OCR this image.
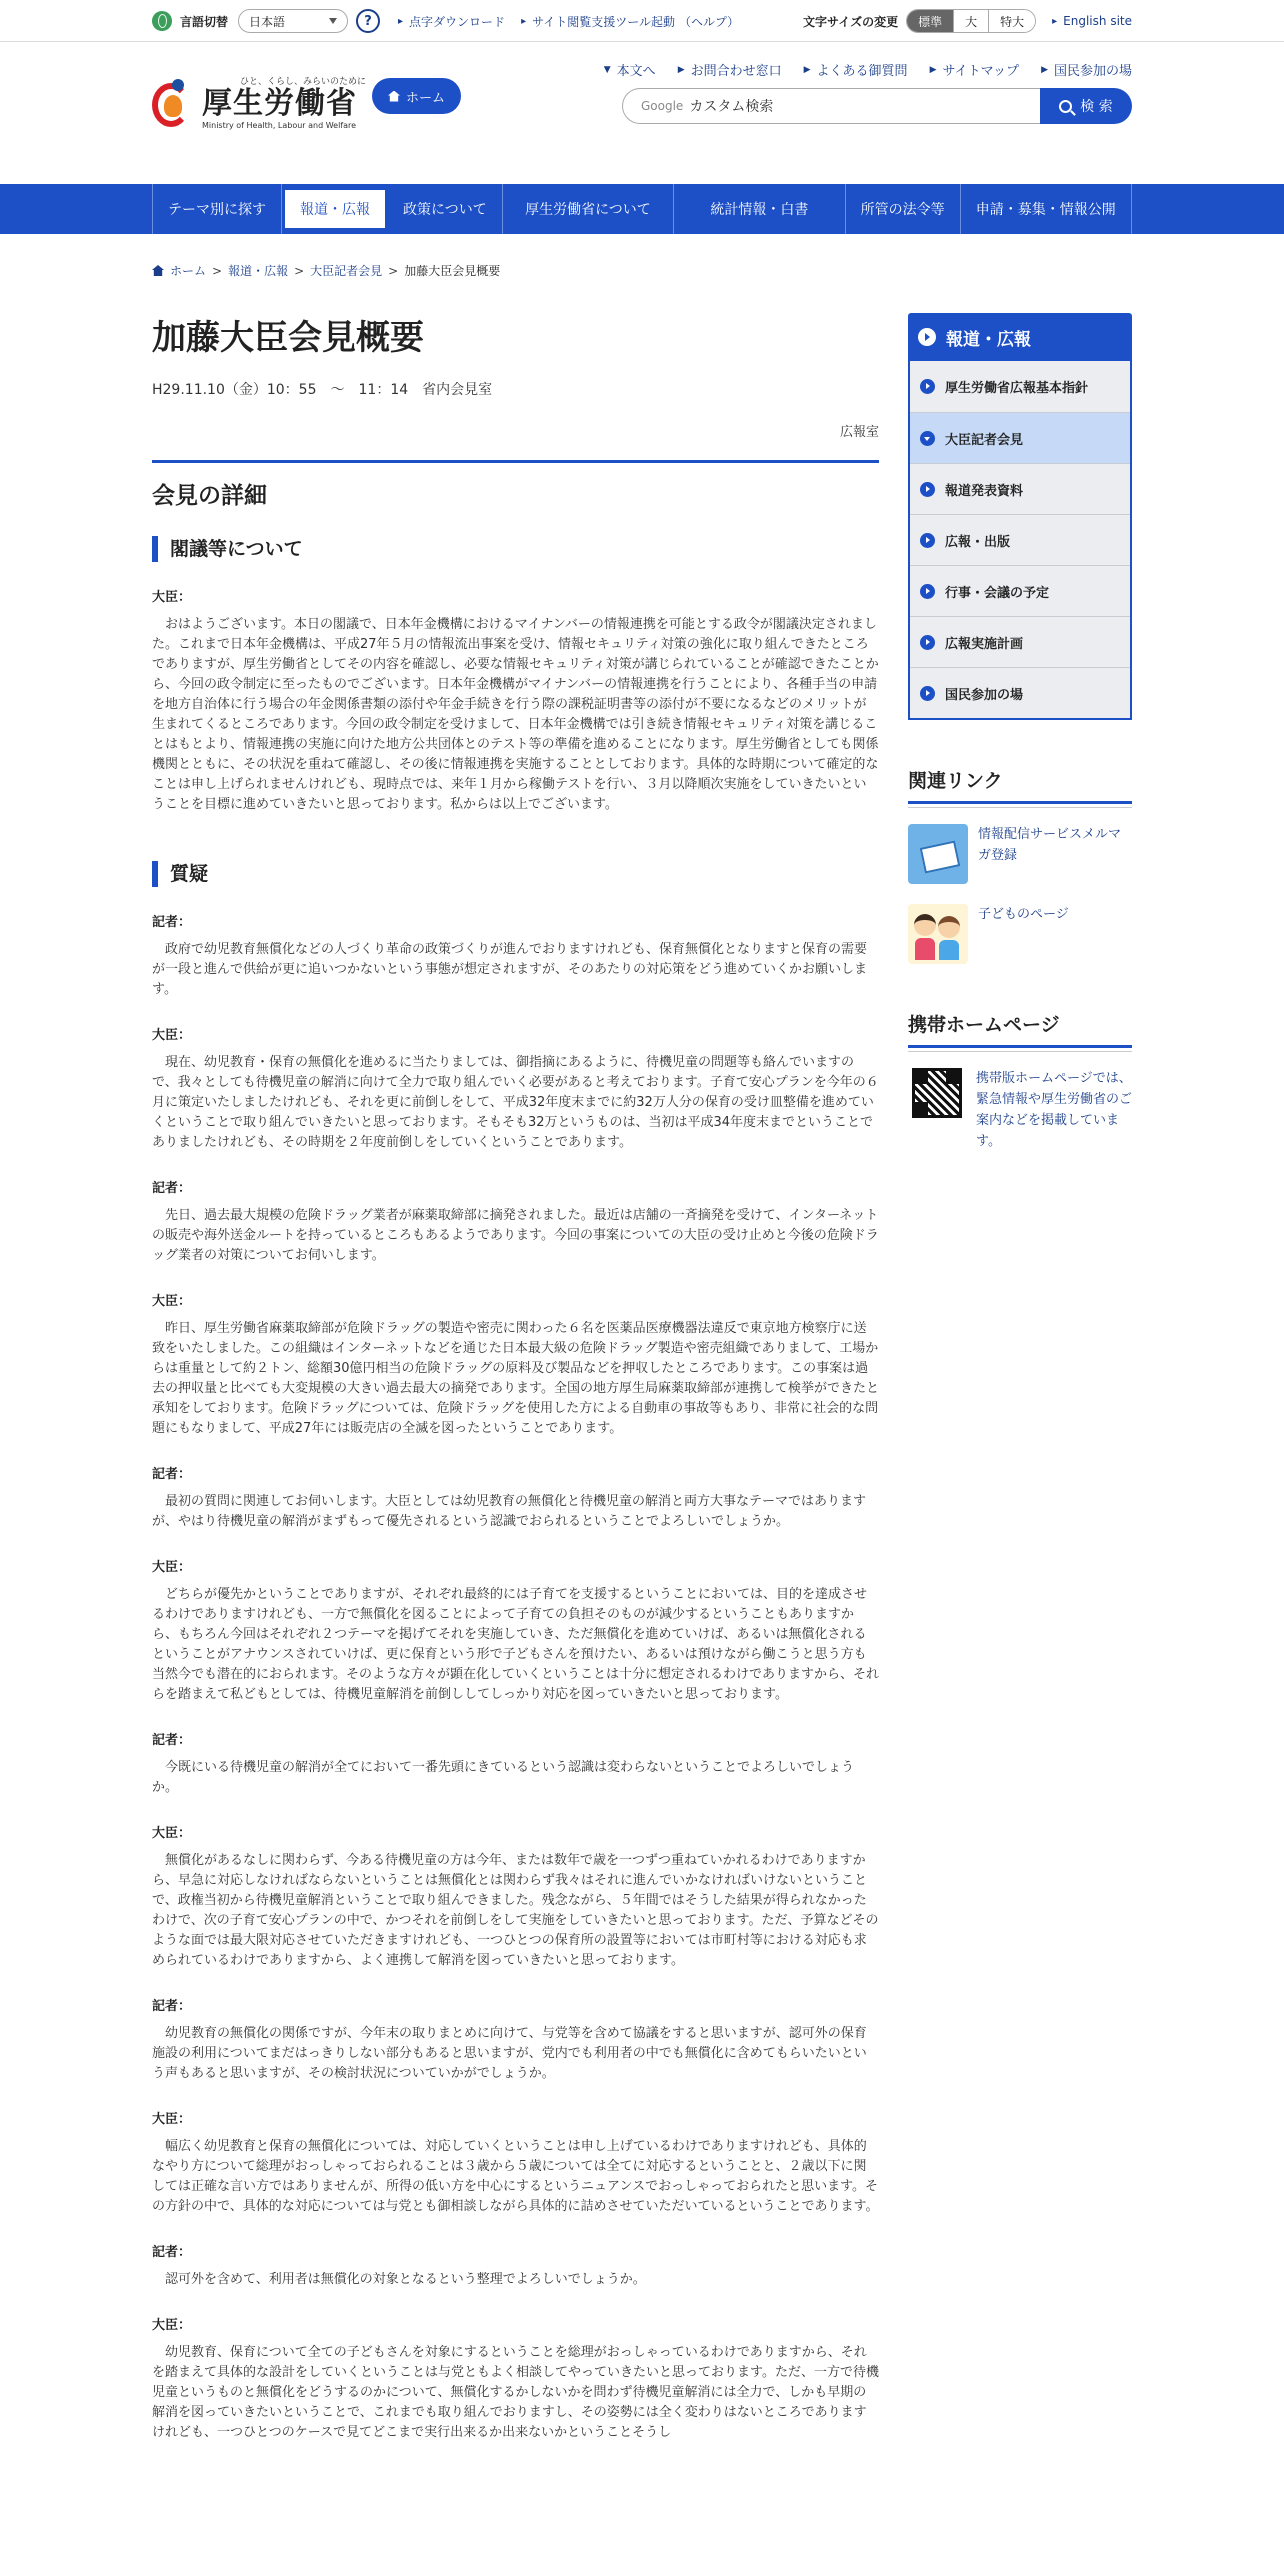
言語切替 日本語	?	▸ 点字ダウンロード ▸ サイト閲覧支援ツール起動 （ヘルプ）	文字サイズの変更	標準	大	特大	▸ English site
ひと、くらし、みらいのために
厚生労働省
Ministry of Health, Labour and Welfare
ホーム
▼ 本文へ ▶ お問合わせ窓口 ▶ よくある御質問 ▶ サイトマップ ▶ 国民参加の場
Google カスタム検索	検 索
テーマ別に探す	報道・広報	政策について	厚生労働省について	統計情報・白書	所管の法令等	申請・募集・情報公開
ホーム > 報道・広報 > 大臣記者会見 > 加藤大臣会見概要
加藤大臣会見概要
H29.11.10（金）10：55　～　11：14　省内会見室
広報室
会見の詳細
閣議等について
大臣：

おはようございます。本日の閣議で、日本年金機構におけるマイナンバーの情報連携を可能とする政令が閣議決定されました。これまで日本年金機構は、平成27年５月の情報流出事案を受け、情報セキュリティ対策の強化に取り組んできたところでありますが、厚生労働省としてその内容を確認し、必要な情報セキュリティ対策が講じられていることが確認できたことから、今回の政令制定に至ったものでございます。日本年金機構がマイナンバーの情報連携を行うことにより、各種手当の申請を地方自治体に行う場合の年金関係書類の添付や年金手続きを行う際の課税証明書等の添付が不要になるなどのメリットが生まれてくるところであります。今回の政令制定を受けまして、日本年金機構では引き続き情報セキュリティ対策を講じることはもとより、情報連携の実施に向けた地方公共団体とのテスト等の準備を進めることになります。厚生労働省としても関係機関とともに、その状況を重ねて確認し、その後に情報連携を実施することとしております。具体的な時期について確定的なことは申し上げられませんけれども、現時点では、来年１月から稼働テストを行い、３月以降順次実施をしていきたいということを目標に進めていきたいと思っております。私からは以上でございます。

質疑
記者：

政府で幼児教育無償化などの人づくり革命の政策づくりが進んでおりますけれども、保育無償化となりますと保育の需要が一段と進んで供給が更に追いつかないという事態が想定されますが、そのあたりの対応策をどう進めていくかお願いします。

大臣：

現在、幼児教育・保育の無償化を進めるに当たりましては、御指摘にあるように、待機児童の問題等も絡んでいますので、我々としても待機児童の解消に向けて全力で取り組んでいく必要があると考えております。子育て安心プランを今年の６月に策定いたしましたけれども、それを更に前倒しをして、平成32年度末までに約32万人分の保育の受け皿整備を進めていくということで取り組んでいきたいと思っております。そもそも32万というものは、当初は平成34年度末までということでありましたけれども、その時期を２年度前倒しをしていくということであります。

記者：

先日、過去最大規模の危険ドラッグ業者が麻薬取締部に摘発されました。最近は店舗の一斉摘発を受けて、インターネットの販売や海外送金ルートを持っているところもあるようであります。今回の事案についての大臣の受け止めと今後の危険ドラッグ業者の対策についてお伺いします。

大臣：

昨日、厚生労働省麻薬取締部が危険ドラッグの製造や密売に関わった６名を医薬品医療機器法違反で東京地方検察庁に送致をいたしました。この組織はインターネットなどを通じた日本最大級の危険ドラッグ製造や密売組織でありまして、工場からは重量として約２トン、総額30億円相当の危険ドラッグの原料及び製品などを押収したところであります。この事案は過去の押収量と比べても大変規模の大きい過去最大の摘発であります。全国の地方厚生局麻薬取締部が連携して検挙ができたと承知をしております。危険ドラッグについては、危険ドラッグを使用した方による自動車の事故等もあり、非常に社会的な問題にもなりまして、平成27年には販売店の全滅を図ったということであります。

記者：

最初の質問に関連してお伺いします。大臣としては幼児教育の無償化と待機児童の解消と両方大事なテーマではありますが、やはり待機児童の解消がまずもって優先されるという認識でおられるということでよろしいでしょうか。

大臣：

どちらが優先かということでありますが、それぞれ最終的には子育てを支援するということにおいては、目的を達成させるわけでありますけれども、一方で無償化を図ることによって子育ての負担そのものが減少するということもありますから、もちろん今回はそれぞれ２つテーマを掲げてそれを実施していき、ただ無償化を進めていけば、あるいは無償化されるということがアナウンスされていけば、更に保育という形で子どもさんを預けたい、あるいは預けながら働こうと思う方も当然今でも潜在的におられます。そのような方々が顕在化していくということは十分に想定されるわけでありますから、それらを踏まえて私どもとしては、待機児童解消を前倒ししてしっかり対応を図っていきたいと思っております。

記者：

今既にいる待機児童の解消が全てにおいて一番先頭にきているという認識は変わらないということでよろしいでしょうか。

大臣：

無償化があるなしに関わらず、今ある待機児童の方は今年、または数年で歳を一つずつ重ねていかれるわけでありますから、早急に対応しなければならないということは無償化とは関わらず我々はそれに進んでいかなければいけないということで、政権当初から待機児童解消ということで取り組んできました。残念ながら、５年間ではそうした結果が得られなかったわけで、次の子育て安心プランの中で、かつそれを前倒しをして実施をしていきたいと思っております。ただ、予算などそのような面では最大限対応させていただきますけれども、一つひとつの保育所の設置等においては市町村等における対応も求められているわけでありますから、よく連携して解消を図っていきたいと思っております。

記者：

幼児教育の無償化の関係ですが、今年末の取りまとめに向けて、与党等を含めて協議をすると思いますが、認可外の保育施設の利用についてまだはっきりしない部分もあると思いますが、党内でも利用者の中でも無償化に含めてもらいたいという声もあると思いますが、その検討状況についていかがでしょうか。

大臣：

幅広く幼児教育と保育の無償化については、対応していくということは申し上げているわけでありますけれども、具体的なやり方について総理がおっしゃっておられることは３歳から５歳については全てに対応するということと、２歳以下に関しては正確な言い方ではありませんが、所得の低い方を中心にするというニュアンスでおっしゃっておられたと思います。その方針の中で、具体的な対応については与党とも御相談しながら具体的に詰めさせていただいているということであります。

記者：

認可外を含めて、利用者は無償化の対象となるという整理でよろしいでしょうか。

大臣：

幼児教育、保育について全ての子どもさんを対象にするということを総理がおっしゃっているわけでありますから、それを踏まえて具体的な設計をしていくということは与党ともよく相談してやっていきたいと思っております。ただ、一方で待機児童というものと無償化をどうするのかについて、無償化するかしないかを問わず待機児童解消には全力で、しかも早期の解消を図っていきたいということで、これまでも取り組んでおりますし、その姿勢には全く変わりはないところでありますけれども、一つひとつのケースで見てどこまで実行出来るか出来ないかということそうし

報道・広報
厚生労働省広報基本指針
大臣記者会見
報道発表資料
広報・出版
行事・会議の予定
広報実施計画
国民参加の場
関連リンク
情報配信サービスメルマガ登録
子どものページ
携帯ホームページ
携帯版ホームページでは、緊急情報や厚生労働省のご案内などを掲載しています。
